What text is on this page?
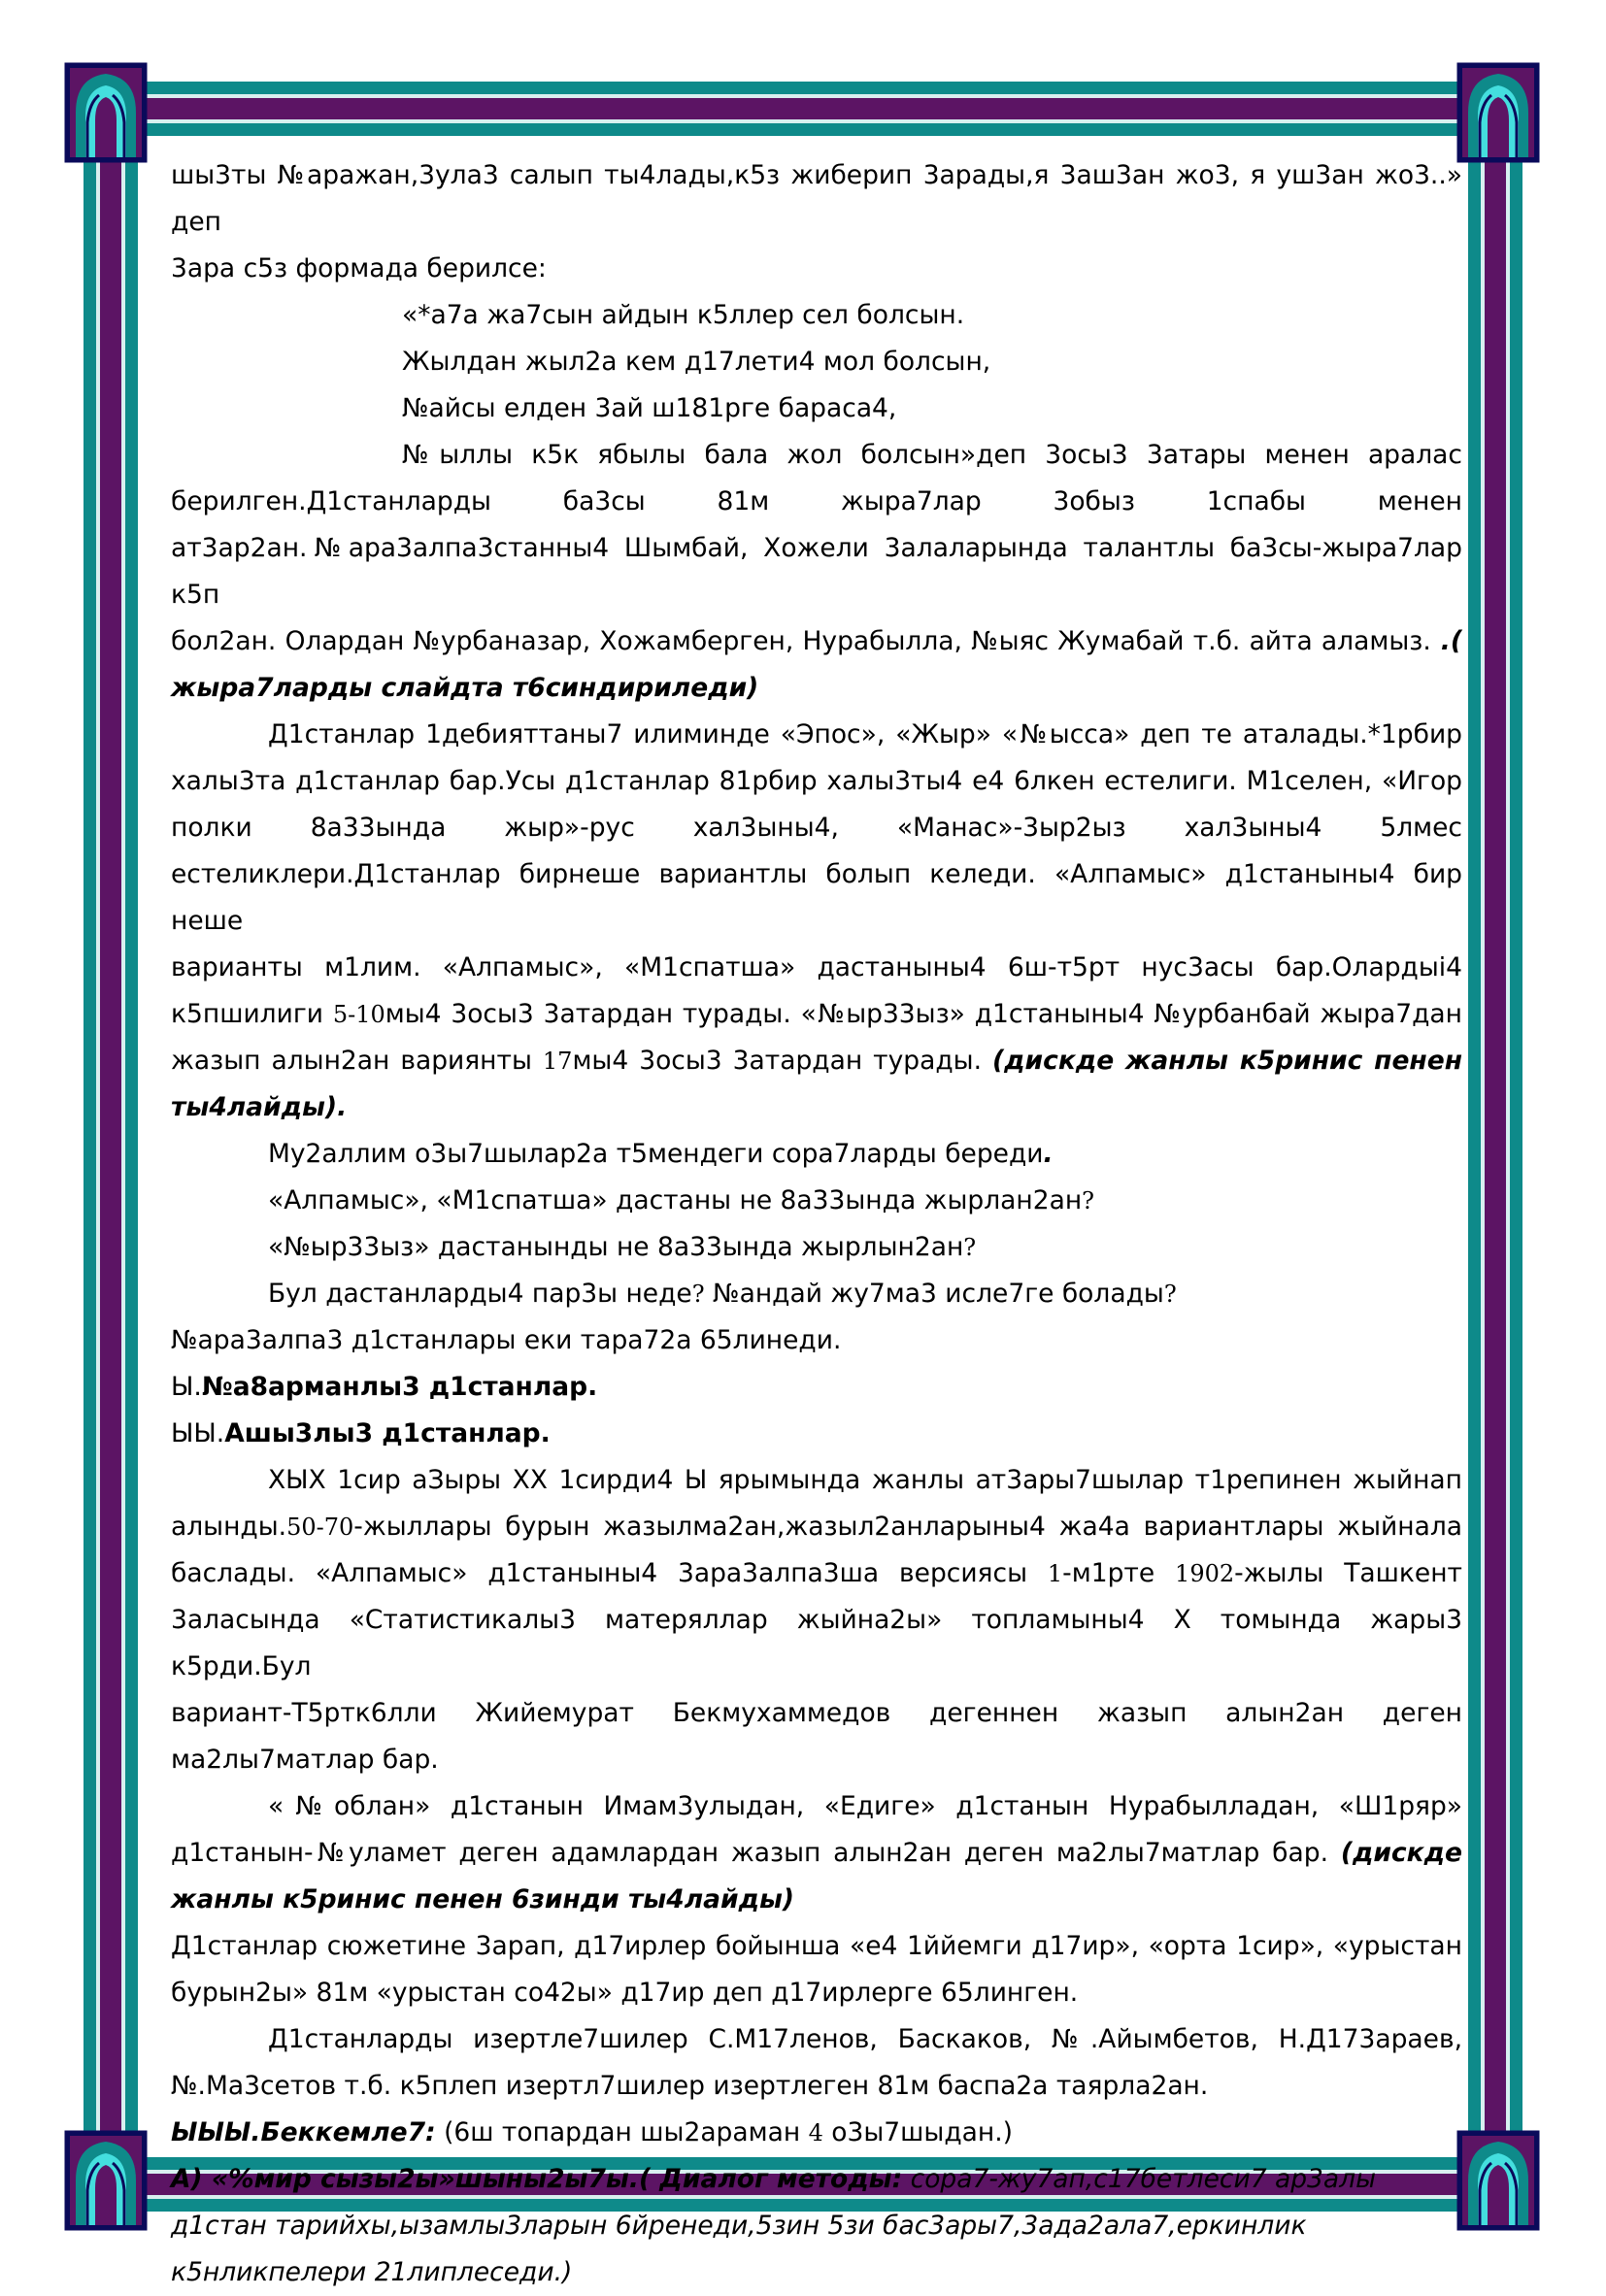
шы3ты №аражан,3ула3 салып ты4лады,к5з жиберип 3арады,я 3аш3ан жо3, я уш3ан жо3..» деп

3ара с5з формада берилсе:

«*а7а жа7сын айдын к5ллер сел болсын.

Жылдан жыл2а кем д17лети4 мол болсын,

№айсы елден 3ай ш181рге бараса4,

№ыллы к5к ябылы бала жол болсын»деп 3осы3 3атары менен аралас

берилген.Д1станларды ба3сы 81м жыра7лар 3обыз 1спабы менен

ат3ар2ан.№ара3алпа3станны4 Шымбай, Хожели 3алаларында талантлы ба3сы-жыра7лар к5п

бол2ан. Олардан №урбаназар, Хожамберген, Нурабылла, №ыяс Жумабай т.б. айта аламыз. .( жыра7ларды слайдта т6синдириледи)

Д1станлар 1дебияттаны7 илиминде «Эпос», «Жыр» «№ысса» деп те аталады.*1рбир

халы3та д1станлар бар.Усы д1станлар 81рбир халы3ты4 е4 6лкен естелиги. М1селен, «Игор

полки 8а33ында жыр»-рус хал3ыны4, «Манас»-3ыр2ыз хал3ыны4 5лмес

естеликлери.Д1станлар бирнеше вариантлы болып келеди. «Алпамыс» д1станыны4 бир неше

варианты м1лим. «Алпамыс», «М1спатша» дастаныны4 6ш-т5рт нус3асы бар.Олардыі4

к5пшилиги 5-10мы4 3осы3 3атардан турады. «№ыр33ыз» д1станыны4 №урбанбай жыра7дан

жазып алын2ан вариянты 17мы4 3осы3 3атардан турады. (дискде жанлы к5ринис пенен

ты4лайды).

Му2аллим о3ы7шылар2а т5мендеги сора7ларды береди.

«Алпамыс», «М1спатша» дастаны не 8а33ында жырлан2ан?

«№ыр33ыз» дастанынды не 8а33ында жырлын2ан?

Бул дастанларды4 пар3ы неде? №андай жу7ма3 исле7ге болады?

№ара3алпа3 д1станлары еки тара72а 65линеди.

Ы.№а8арманлы3 д1станлар.

ЫЫ.Ашы3лы3 д1станлар.

ХЫХ 1сир аЗыры ХХ 1сирди4 Ы ярымында жанлы ат3ары7шылар т1репинен жыйнап

алынды.50-70-жыллары бурын жазылма2ан,жазыл2анларыны4 жа4а вариантлары жыйнала

баслады. «Алпамыс» д1станыны4 3ара3алпа3ша версиясы 1-м1рте 1902-жылы Ташкент

3аласында «Статистикалы3 матеряллар жыйна2ы» топламыны4 Х томында жары3 к5рди.Бул

вариант-Т5ртк6лли Жийемурат Бекмухаммедов дегеннен жазып алын2ан деген

ма2лы7матлар бар.

«№облан» д1станын Имам3улыдан, «Едиге» д1станын Нурабылладан, «Ш1ряр»

д1станын-№уламет деген адамлардан жазып алын2ан деген ма2лы7матлар бар. (дискде жанлы к5ринис пенен 6зинди ты4лайды)

Д1станлар сюжетине 3арап, д17ирлер бойынша «е4 1ййемги д17ир», «орта 1сир», «урыстан бурын2ы» 81м «урыстан со42ы» д17ир деп д17ирлерге 65линген.

Д1станларды изертле7шилер С.М17ленов, Баскаков, №.Айымбетов, Н.Д173араев, №.Ма3сетов т.б. к5плеп изертл7шилер изертлеген 81м баспа2а таярла2ан.

ЫЫЫ.Беккемле7: (6ш топардан шы2араман 4 о3ы7шыдан.)

А) «%мир сызы2ы»шыны2ы7ы.( Диалог методы: сора7-жу7ап,с17бетлеси7 ар3алы д1стан тарийхы,ызамлы3ларын 6йренеди,5зин 5зи бас3ары7,3ада2ала7,еркинлик к5нликпелери 21липлеседи.)
